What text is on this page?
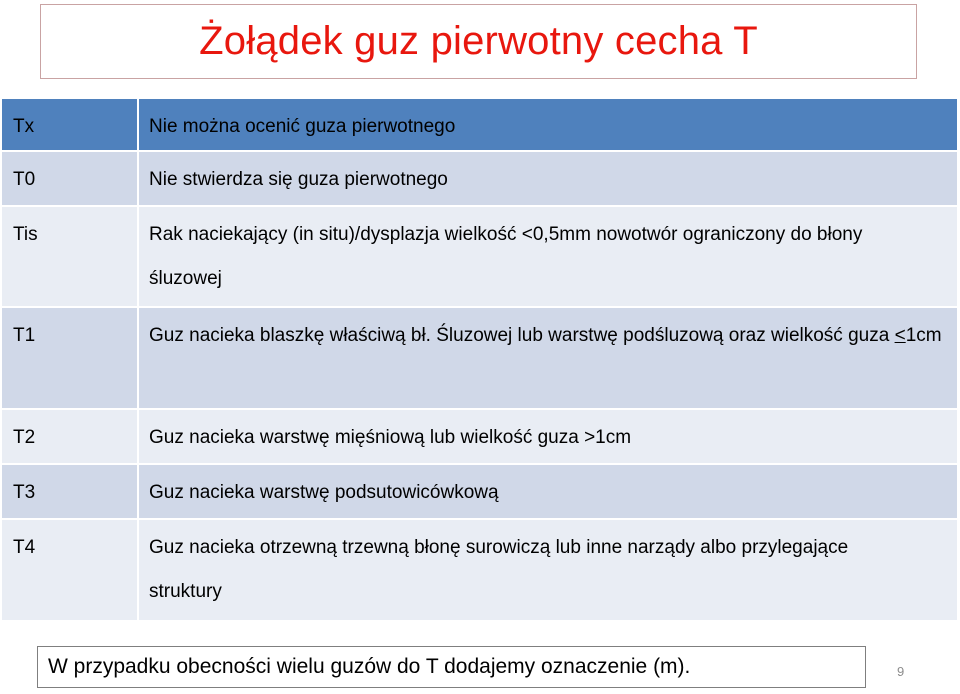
Żołądek guz pierwotny cecha T
Tx	Nie można ocenić guza pierwotnego

T0	Nie stwierdza się guza pierwotnego

Tis	Rak naciekający (in situ)/dysplazja wielkość <0,5mm nowotwór ograniczony do błony śluzowej

T1	Guz nacieka blaszkę właściwą bł. Śluzowej lub warstwę podśluzową oraz wielkość guza <1cm

T2	Guz nacieka warstwę mięśniową lub wielkość guza >1cm

T3	Guz nacieka warstwę podsutowicówkową

T4	Guz nacieka otrzewną trzewną błonę surowiczą lub inne narządy albo przylegające struktury
W przypadku obecności wielu guzów do T dodajemy oznaczenie (m).	9
